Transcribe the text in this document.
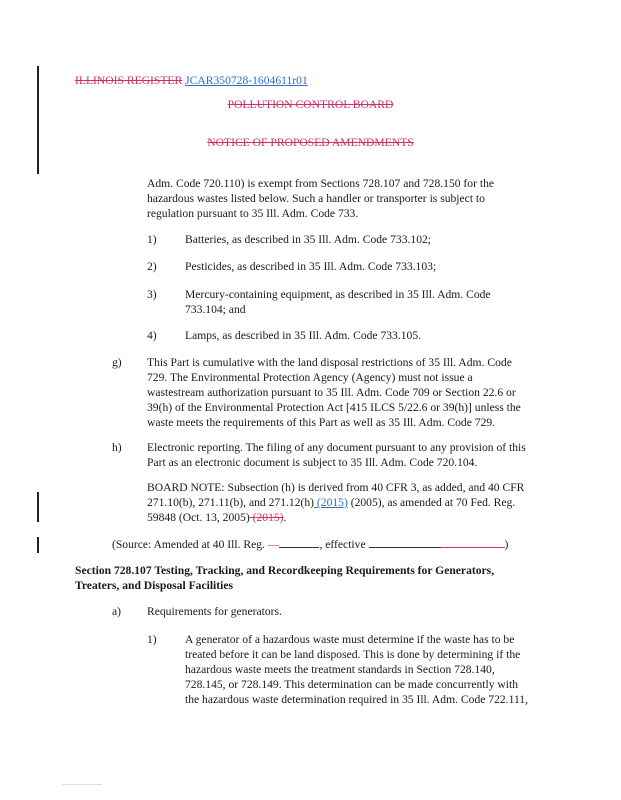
ILLINOIS REGISTER JCAR350728-1604611r01
POLLUTION CONTROL BOARD
NOTICE OF PROPOSED AMENDMENTS
Adm. Code 720.110) is exempt from Sections 728.107 and 728.150 for the
hazardous wastes listed below. Such a handler or transporter is subject to
regulation pursuant to 35 Ill. Adm. Code 733.
1) Batteries, as described in 35 Ill. Adm. Code 733.102;
2) Pesticides, as described in 35 Ill. Adm. Code 733.103;
3) Mercury-containing equipment, as described in 35 Ill. Adm. Code
733.104; and
4) Lamps, as described in 35 Ill. Adm. Code 733.105.
g) This Part is cumulative with the land disposal restrictions of 35 Ill. Adm. Code
729. The Environmental Protection Agency (Agency) must not issue a
wastestream authorization pursuant to 35 Ill. Adm. Code 709 or Section 22.6 or
39(h) of the Environmental Protection Act [415 ILCS 5/22.6 or 39(h)] unless the
waste meets the requirements of this Part as well as 35 Ill. Adm. Code 729.
h) Electronic reporting. The filing of any document pursuant to any provision of this
Part as an electronic document is subject to 35 Ill. Adm. Code 720.104.
BOARD NOTE: Subsection (h) is derived from 40 CFR 3, as added, and 40 CFR
271.10(b), 271.11(b), and 271.12(h) (2015) (2005), as amended at 70 Fed. Reg.
59848 (Oct. 13, 2005) (2015).
(Source: Amended at 40 Ill. Reg. —	, effective	)
Section 728.107 Testing, Tracking, and Recordkeeping Requirements for Generators,
Treaters, and Disposal Facilities
a) Requirements for generators.
1) A generator of a hazardous waste must determine if the waste has to be
treated before it can be land disposed. This is done by determining if the
hazardous waste meets the treatment standards in Section 728.140,
728.145, or 728.149. This determination can be made concurrently with
the hazardous waste determination required in 35 Ill. Adm. Code 722.111,
